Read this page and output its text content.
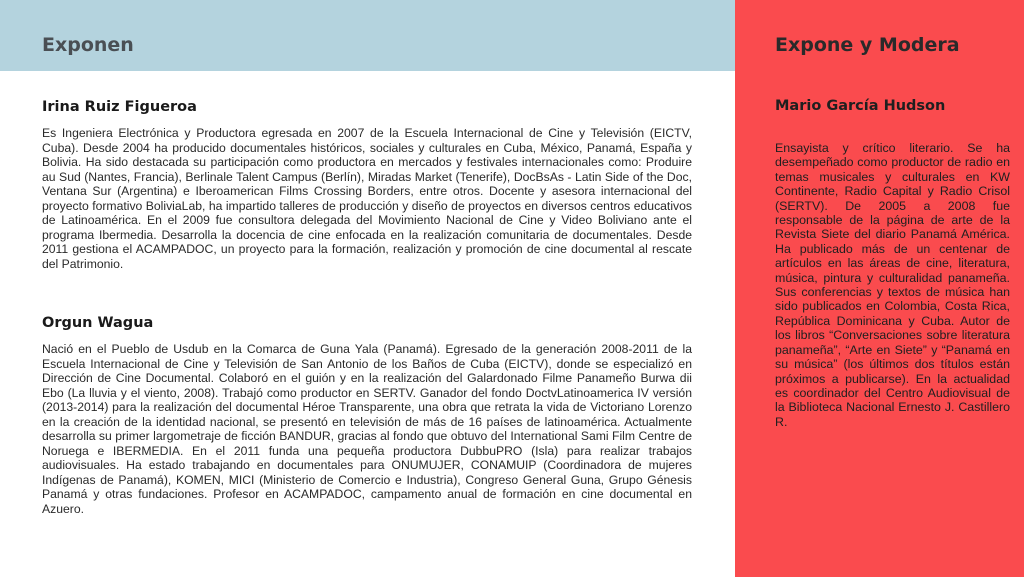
Exponen
Irina Ruiz Figueroa

Es Ingeniera Electrónica y Productora egresada en 2007 de la Escuela Internacional de Cine y Televisión (EICTV, Cuba). Desde 2004 ha producido documentales históricos, sociales y culturales en Cuba, México, Panamá, España y Bolivia. Ha sido destacada su participación como productora en mercados y festivales internacionales como: Produire au Sud (Nantes, Francia), Berlinale Talent Campus (Berlín), Miradas Market (Tenerife), DocBsAs - Latin Side of the Doc, Ventana Sur (Argentina) e Iberoamerican Films Crossing Borders, entre otros. Docente y asesora internacional del proyecto formativo BoliviaLab, ha impartido talleres de producción y diseño de proyectos en diversos centros educativos de Latinoamérica. En el 2009 fue consultora delegada del Movimiento Nacional de Cine y Video Boliviano ante el programa Ibermedia. Desarrolla la docencia de cine enfocada en la realización comunitaria de documentales. Desde 2011 gestiona el ACAMPADOC, un proyecto para la formación, realización y promoción de cine documental al rescate del Patrimonio.

Orgun Wagua

Nació en el Pueblo de Usdub en la Comarca de Guna Yala (Panamá). Egresado de la generación 2008-2011 de la Escuela Internacional de Cine y Televisión de San Antonio de los Baños de Cuba (EICTV), donde se especializó en Dirección de Cine Documental. Colaboró en el guión y en la realización del Galardonado Filme Panameño Burwa dii Ebo (La lluvia y el viento, 2008). Trabajó como productor en SERTV. Ganador del fondo DoctvLatinoamerica IV versión (2013-2014) para la realización del documental Héroe Transparente, una obra que retrata la vida de Victoriano Lorenzo en la creación de la identidad nacional, se presentó en televisión de más de 16 países de latinoamérica. Actualmente desarrolla su primer largometraje de ficción BANDUR, gracias al fondo que obtuvo del International Sami Film Centre de Noruega e IBERMEDIA. En el 2011 funda una pequeña productora DubbuPRO (Isla) para realizar trabajos audiovisuales. Ha estado trabajando en documentales para ONUMUJER, CONAMUIP (Coordinadora de mujeres Indígenas de Panamá), KOMEN, MICI (Ministerio de Comercio e Industria), Congreso General Guna, Grupo Génesis Panamá y otras fundaciones. Profesor en ACAMPADOC, campamento anual de formación en cine documental en Azuero.

Expone y Modera
Mario García Hudson

Ensayista y crítico literario. Se ha desempeñado como productor de radio en temas musicales y culturales en KW Continente, Radio Capital y Radio Crisol (SERTV). De 2005 a 2008 fue responsable de la página de arte de la Revista Siete del diario Panamá América. Ha publicado más de un centenar de artículos en las áreas de cine, literatura, música, pintura y culturalidad panameña. Sus conferencias y textos de música han sido publicados en Colombia, Costa Rica, República Dominicana y Cuba. Autor de los libros “Conversaciones sobre literatura panameña”, “Arte en Siete” y “Panamá en su música” (los últimos dos títulos están próximos a publicarse). En la actualidad es coordinador del Centro Audiovisual de la Biblioteca Nacional Ernesto J. Castillero R.
